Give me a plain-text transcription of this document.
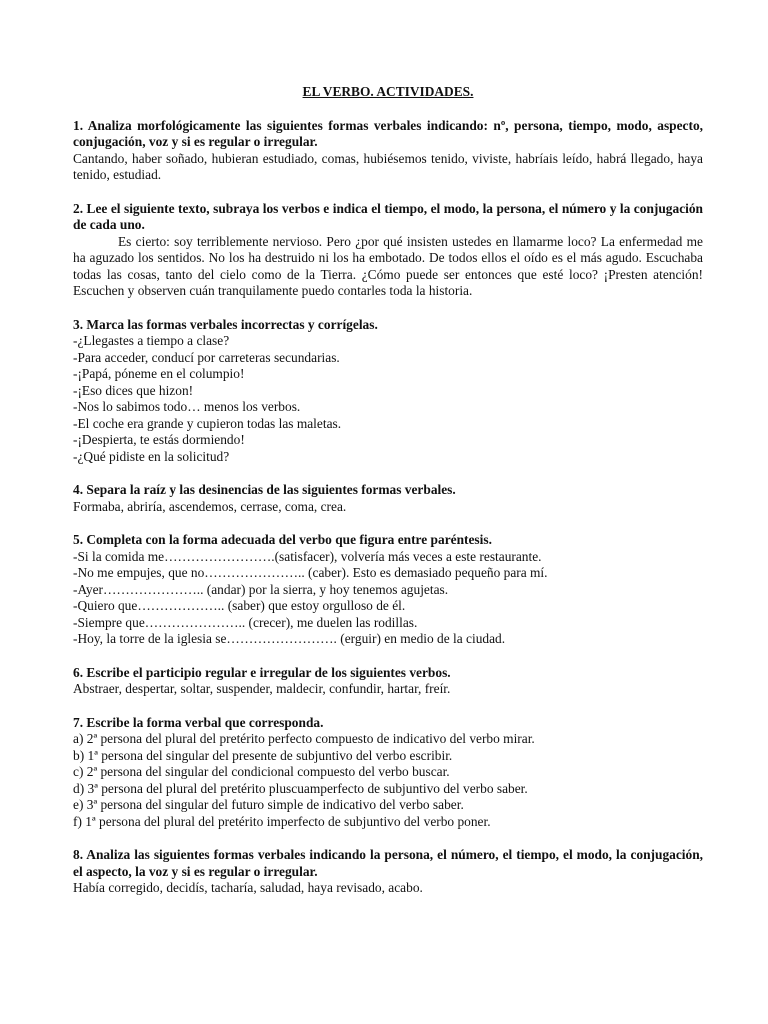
EL VERBO. ACTIVIDADES.

1. Analiza morfológicamente las siguientes formas verbales indicando: nº, persona, tiempo, modo, aspecto, conjugación, voz y si es regular o irregular.

Cantando, haber soñado, hubieran estudiado, comas, hubiésemos tenido, viviste, habríais leído, habrá llegado, haya tenido, estudiad.

2. Lee el siguiente texto, subraya los verbos e indica el tiempo, el modo, la persona, el número y la conjugación de cada uno.

Es cierto: soy terriblemente nervioso. Pero ¿por qué insisten ustedes en llamarme loco? La enfermedad me ha aguzado los sentidos. No los ha destruido ni los ha embotado. De todos ellos el oído es el más agudo. Escuchaba todas las cosas, tanto del cielo como de la Tierra. ¿Cómo puede ser entonces que esté loco? ¡Presten atención! Escuchen y observen cuán tranquilamente puedo contarles toda la historia.

3. Marca las formas verbales incorrectas y corrígelas.

-¿Llegastes a tiempo a clase?

-Para acceder, conducí por carreteras secundarias.

-¡Papá, póneme en el columpio!

-¡Eso dices que hizon!

-Nos lo sabimos todo… menos los verbos.

-El coche era grande y cupieron todas las maletas.

-¡Despierta, te estás dormiendo!

-¿Qué pidiste en la solicitud?

4. Separa la raíz y las desinencias de las siguientes formas verbales.

Formaba, abriría, ascendemos, cerrase, coma, crea.

5. Completa con la forma adecuada del verbo que figura entre paréntesis.

-Si la comida me…………………….(satisfacer), volvería más veces a este restaurante.

-No me empujes, que no………………….. (caber). Esto es demasiado pequeño para mí.

-Ayer………………….. (andar) por la sierra, y hoy tenemos agujetas.

-Quiero que……………….. (saber) que estoy orgulloso de él.

-Siempre que………………….. (crecer), me duelen las rodillas.

-Hoy, la torre de la iglesia se……………………. (erguir) en medio de la ciudad.

6. Escribe el participio regular e irregular de los siguientes verbos.

Abstraer, despertar, soltar, suspender, maldecir, confundir, hartar, freír.

7. Escribe la forma verbal que corresponda.

a) 2ª persona del plural del pretérito perfecto compuesto de indicativo del verbo mirar.

b) 1ª persona del singular del presente de subjuntivo del verbo escribir.

c) 2ª persona del singular del condicional compuesto del verbo buscar.

d) 3ª persona del plural del pretérito pluscuamperfecto de subjuntivo del verbo saber.

e) 3ª persona del singular del futuro simple de indicativo del verbo saber.

f) 1ª persona del plural del pretérito imperfecto de subjuntivo del verbo poner.

8. Analiza las siguientes formas verbales indicando la persona, el número, el tiempo, el modo, la conjugación, el aspecto, la voz y si es regular o irregular.

Había corregido, decidís, tacharía, saludad, haya revisado, acabo.
